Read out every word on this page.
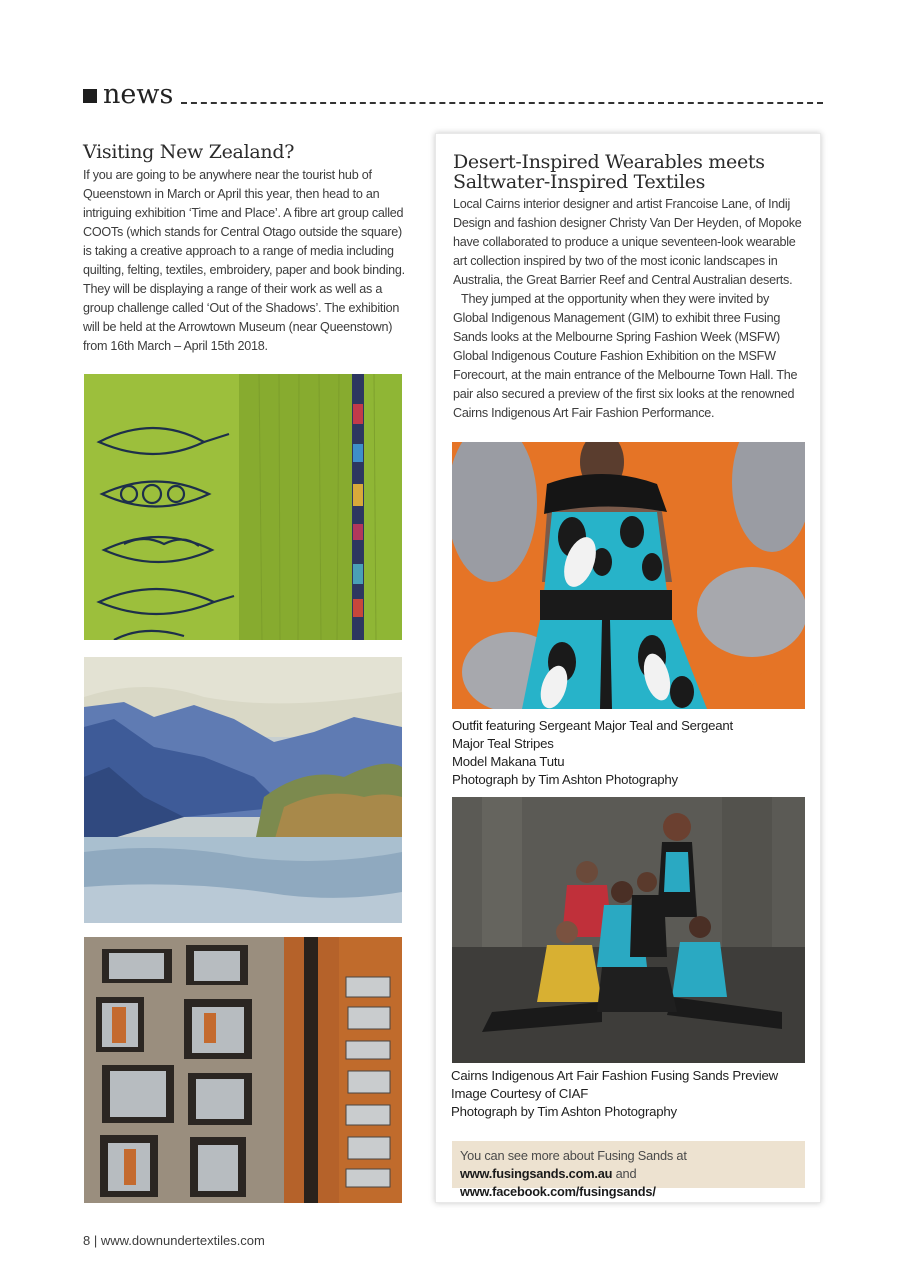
news
Visiting New Zealand?

If you are going to be anywhere near the tourist hub of Queenstown in March or April this year, then head to an intriguing exhibition ‘Time and Place’. A fibre art group called COOTs (which stands for Central Otago outside the square) is taking a creative approach to a range of media including quilting, felting, textiles, embroidery, paper and book binding. They will be displaying a range of their work as well as a group challenge called ‘Out of the Shadows’. The exhibition will be held at the Arrowtown Museum (near Queenstown) from 16th March – April 15th 2018.

Desert-Inspired Wearables meets Saltwater-Inspired Textiles

Local Cairns interior designer and artist Francoise Lane, of Indij Design and fashion designer Christy Van Der Heyden, of Mopoke have collaborated to produce a unique seventeen-look wearable art collection inspired by two of the most iconic landscapes in Australia, the Great Barrier Reef and Central Australian deserts.

They jumped at the opportunity when they were invited by Global Indigenous Management (GIM) to exhibit three Fusing Sands looks at the Melbourne Spring Fashion Week (MSFW) Global Indigenous Couture Fashion Exhibition on the MSFW Forecourt, at the main entrance of the Melbourne Town Hall. The pair also secured a preview of the first six looks at the renowned Cairns Indigenous Art Fair Fashion Performance.

Outfit featuring Sergeant Major Teal and Sergeant
Major Teal Stripes
Model Makana Tutu
Photograph by Tim Ashton Photography
Cairns Indigenous Art Fair Fashion Fusing Sands Preview
Image Courtesy of CIAF
Photograph by Tim Ashton Photography
You can see more about Fusing Sands at www.fusingsands.com.au and www.facebook.com/fusingsands/
8 | www.downundertextiles.com
